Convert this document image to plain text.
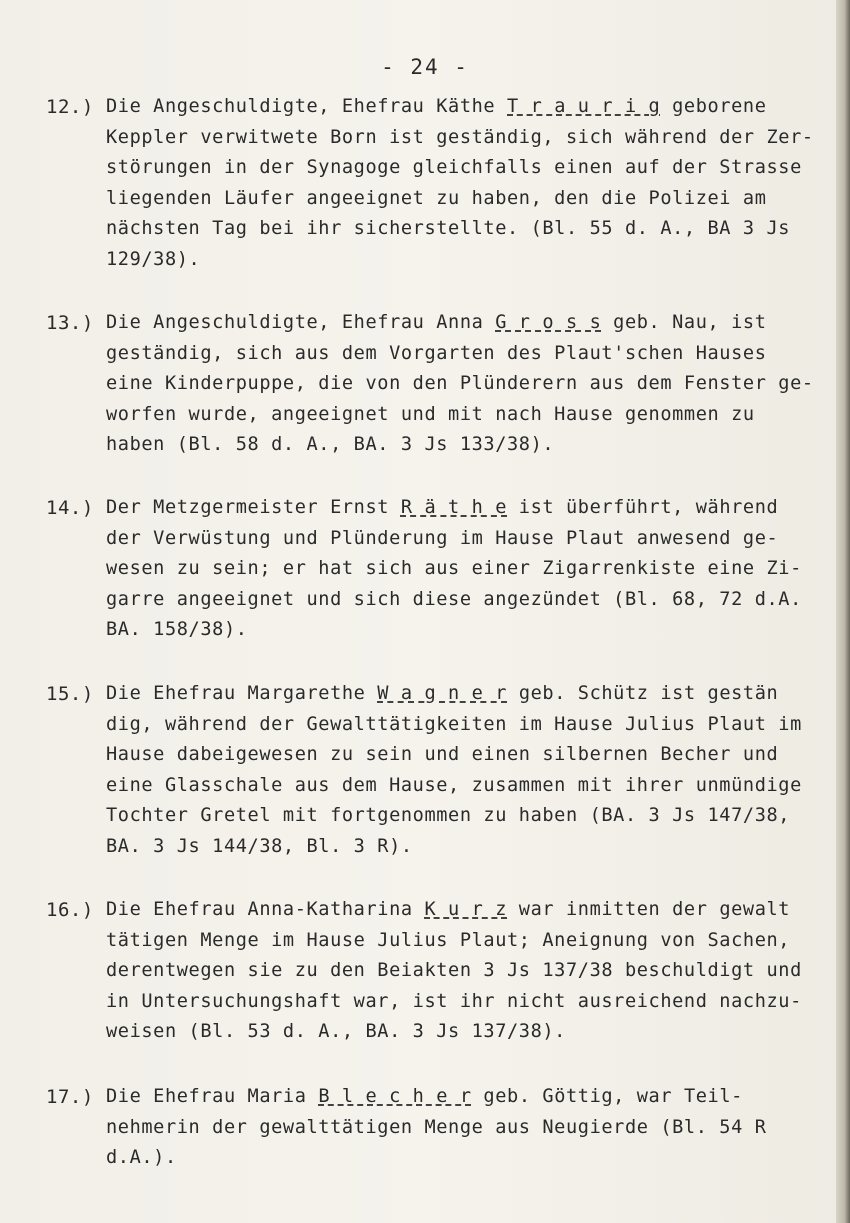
- 24 -
12.) Die Angeschuldigte, Ehefrau Käthe T r a u r i g geborene
Keppler verwitwete Born ist geständig, sich während der Zer-
störungen in der Synagoge gleichfalls einen auf der Strasse
liegenden Läufer angeeignet zu haben, den die Polizei am
nächsten Tag bei ihr sicherstellte. (Bl. 55 d. A., BA 3 Js
129/38).
13.) Die Angeschuldigte, Ehefrau Anna G r o s s geb. Nau, ist
geständig, sich aus dem Vorgarten des Plaut'schen Hauses
eine Kinderpuppe, die von den Plünderern aus dem Fenster ge-
worfen wurde, angeeignet und mit nach Hause genommen zu
haben (Bl. 58 d. A., BA. 3 Js 133/38).
14.) Der Metzgermeister Ernst R ä t h e ist überführt, während
der Verwüstung und Plünderung im Hause Plaut anwesend ge-
wesen zu sein; er hat sich aus einer Zigarrenkiste eine Zi-
garre angeeignet und sich diese angezündet (Bl. 68, 72 d.A.
BA. 158/38).
15.) Die Ehefrau Margarethe W a g n e r geb. Schütz ist gestän
dig, während der Gewalttätigkeiten im Hause Julius Plaut im
Hause dabeigewesen zu sein und einen silbernen Becher und
eine Glasschale aus dem Hause, zusammen mit ihrer unmündige
Tochter Gretel mit fortgenommen zu haben (BA. 3 Js 147/38,
BA. 3 Js 144/38, Bl. 3 R).
16.) Die Ehefrau Anna-Katharina K u r z war inmitten der gewalt
tätigen Menge im Hause Julius Plaut; Aneignung von Sachen,
derentwegen sie zu den Beiakten 3 Js 137/38 beschuldigt und
in Untersuchungshaft war, ist ihr nicht ausreichend nachzu-
weisen (Bl. 53 d. A., BA. 3 Js 137/38).
17.) Die Ehefrau Maria B l e c h e r geb. Göttig, war Teil-
nehmerin der gewalttätigen Menge aus Neugierde (Bl. 54 R
d.A.).
